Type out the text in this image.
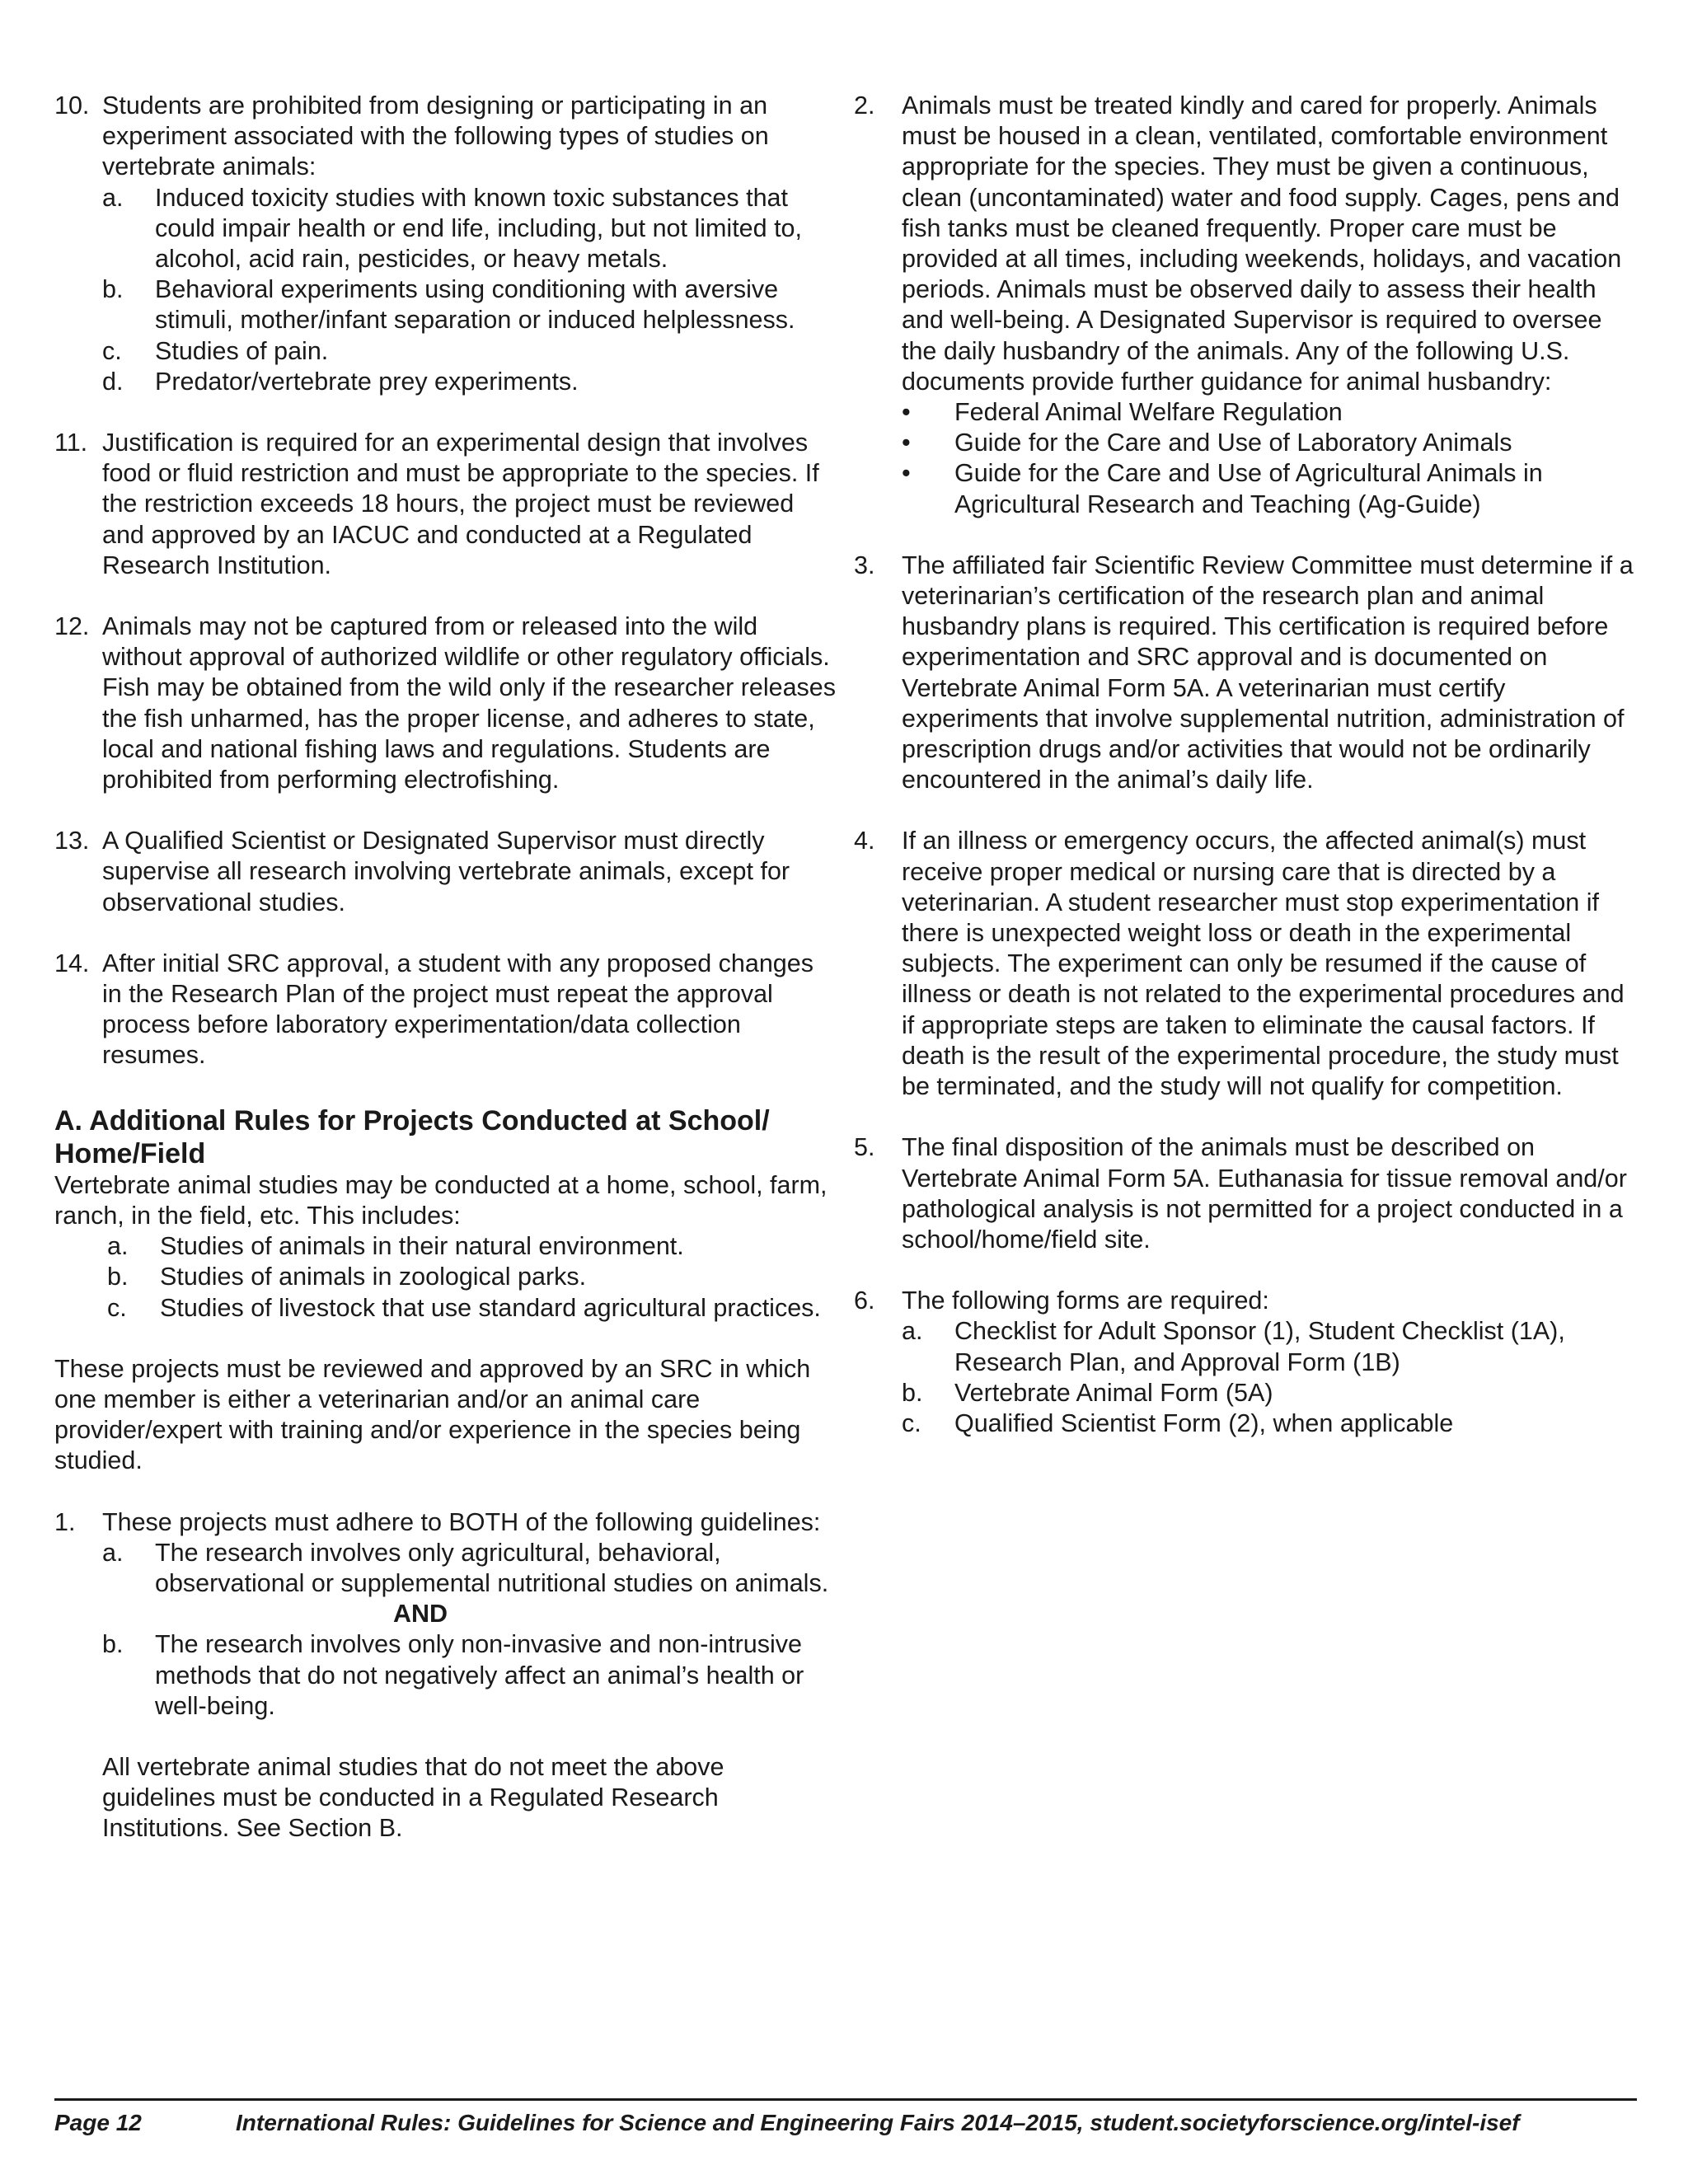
10. Students are prohibited from designing or participating in an experiment associated with the following types of studies on vertebrate animals:
a. Induced toxicity studies with known toxic substances that could impair health or end life, including, but not limited to, alcohol, acid rain, pesticides, or heavy metals.
b. Behavioral experiments using conditioning with aversive stimuli, mother/infant separation or induced helplessness.
c. Studies of pain.
d. Predator/vertebrate prey experiments.
11. Justification is required for an experimental design that involves food or fluid restriction and must be appropriate to the species. If the restriction exceeds 18 hours, the project must be reviewed and approved by an IACUC and conducted at a Regulated Research Institution.
12. Animals may not be captured from or released into the wild without approval of authorized wildlife or other regulatory officials. Fish may be obtained from the wild only if the researcher releases the fish unharmed, has the proper license, and adheres to state, local and national fishing laws and regulations. Students are prohibited from performing electrofishing.
13. A Qualified Scientist or Designated Supervisor must directly supervise all research involving vertebrate animals, except for observational studies.
14. After initial SRC approval, a student with any proposed changes in the Research Plan of the project must repeat the approval process before laboratory experimentation/data collection resumes.
A. Additional Rules for Projects Conducted at School/ Home/Field
Vertebrate animal studies may be conducted at a home, school, farm, ranch, in the field, etc. This includes:
a. Studies of animals in their natural environment.
b. Studies of animals in zoological parks.
c. Studies of livestock that use standard agricultural practices.
These projects must be reviewed and approved by an SRC in which one member is either a veterinarian and/or an animal care provider/expert with training and/or experience in the species being studied.
1. These projects must adhere to BOTH of the following guidelines:
a. The research involves only agricultural, behavioral, observational or supplemental nutritional studies on animals.
AND
b. The research involves only non-invasive and non-intrusive methods that do not negatively affect an animal’s health or well-being.
All vertebrate animal studies that do not meet the above guidelines must be conducted in a Regulated Research Institutions. See Section B.
2. Animals must be treated kindly and cared for properly. Animals must be housed in a clean, ventilated, comfortable environment appropriate for the species. They must be given a continuous, clean (uncontaminated) water and food supply. Cages, pens and fish tanks must be cleaned frequently. Proper care must be provided at all times, including weekends, holidays, and vacation periods. Animals must be observed daily to assess their health and well-being. A Designated Supervisor is required to oversee the daily husbandry of the animals. Any of the following U.S. documents provide further guidance for animal husbandry:
• Federal Animal Welfare Regulation
• Guide for the Care and Use of Laboratory Animals
• Guide for the Care and Use of Agricultural Animals in Agricultural Research and Teaching (Ag-Guide)
3. The affiliated fair Scientific Review Committee must determine if a veterinarian’s certification of the research plan and animal husbandry plans is required. This certification is required before experimentation and SRC approval and is documented on Vertebrate Animal Form 5A. A veterinarian must certify experiments that involve supplemental nutrition, administration of prescription drugs and/or activities that would not be ordinarily encountered in the animal’s daily life.
4. If an illness or emergency occurs, the affected animal(s) must receive proper medical or nursing care that is directed by a veterinarian. A student researcher must stop experimentation if there is unexpected weight loss or death in the experimental subjects. The experiment can only be resumed if the cause of illness or death is not related to the experimental procedures and if appropriate steps are taken to eliminate the causal factors. If death is the result of the experimental procedure, the study must be terminated, and the study will not qualify for competition.
5. The final disposition of the animals must be described on Vertebrate Animal Form 5A. Euthanasia for tissue removal and/or pathological analysis is not permitted for a project conducted in a school/home/field site.
6. The following forms are required:
a. Checklist for Adult Sponsor (1), Student Checklist (1A), Research Plan, and Approval Form (1B)
b. Vertebrate Animal Form (5A)
c. Qualified Scientist Form (2), when applicable
Page 12	International Rules: Guidelines for Science and Engineering Fairs 2014–2015, student.societyforscience.org/intel-isef
